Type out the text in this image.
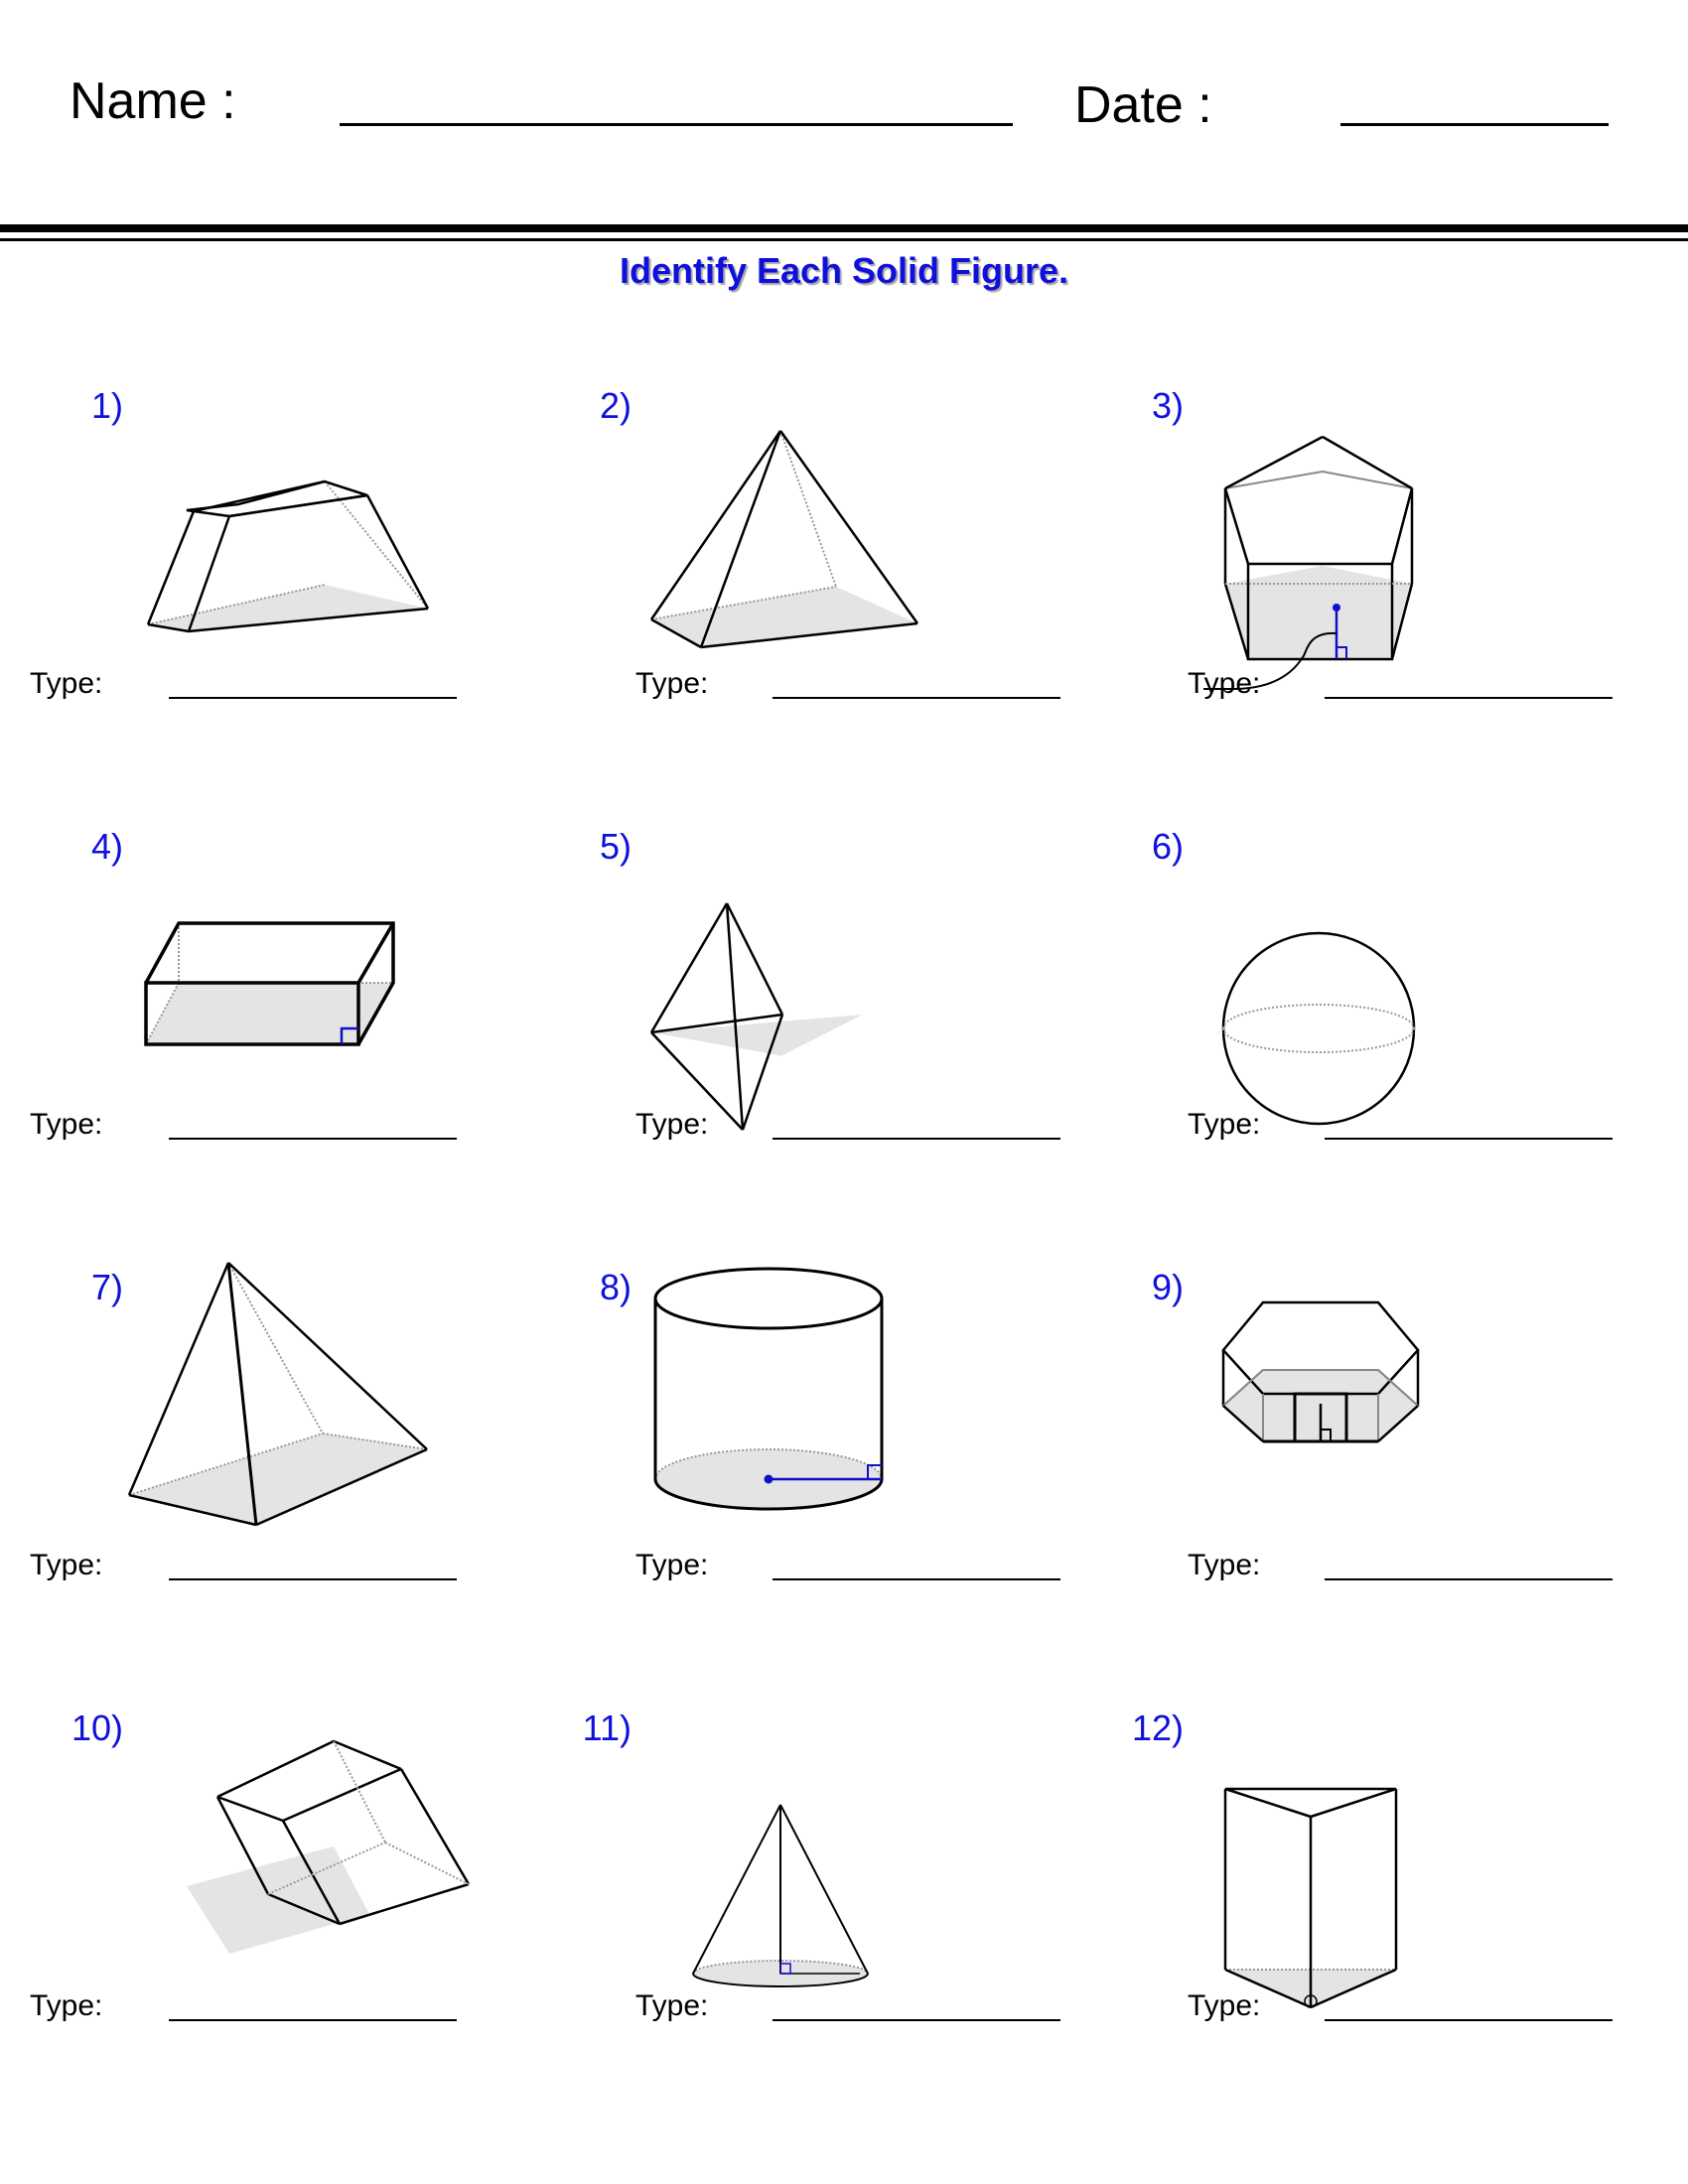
Name :	Date :
Identify Each Solid Figure.
1)
Type:
2)
Type:
3)
Type:
4)
Type:
5)
Type:
6)
Type:
7)
Type:
8)
Type:
9)
Type:
10)
Type:
11)
Type:
12)
Type:
